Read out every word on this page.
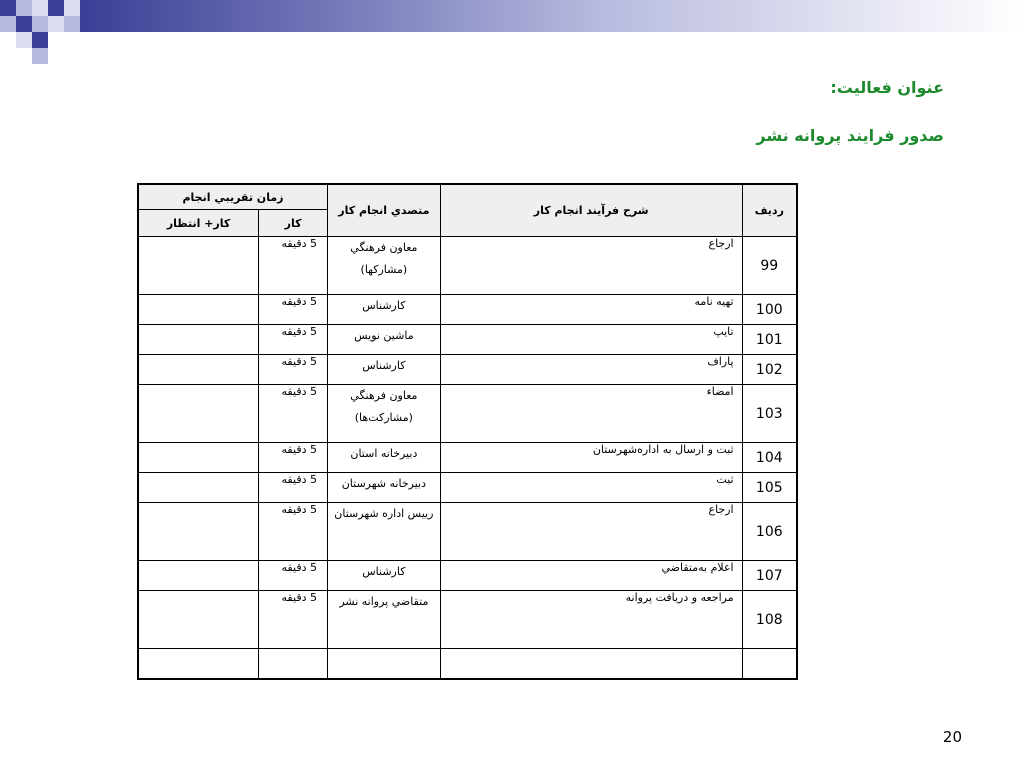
عنوان فعاليت:
صدور فرايند پروانه نشر
رديف	شرح فرآيند انجام كار	متصدي انجام كار	زمان تقريبي انجام	
			كار	كار+ انتظار
99	ارجاع	معاون فرهنگي (مشاركها)	5 دقيقه	
100	تهيه نامه	كارشناس	5 دقيقه	
101	تايپ	ماشين نويس	5 دقيقه	
102	پاراف	كارشناس	5 دقيقه	
103	امضاء	معاون فرهنگي (مشاركت‌ها)	5 دقيقه	
104	ثبت و ارسال به اداره‌شهرستان	دبيرخانه استان	5 دقيقه	
105	ثبت	دبيرخانه شهرستان	5 دقيقه	
106	ارجاع	رييس اداره شهرستان	5 دقيقه	
107	اعلام به‌متقاضي	كارشناس	5 دقيقه	
108	مراجعه و دريافت پروانه	متقاضي پروانه نشر	5 دقيقه	

20
